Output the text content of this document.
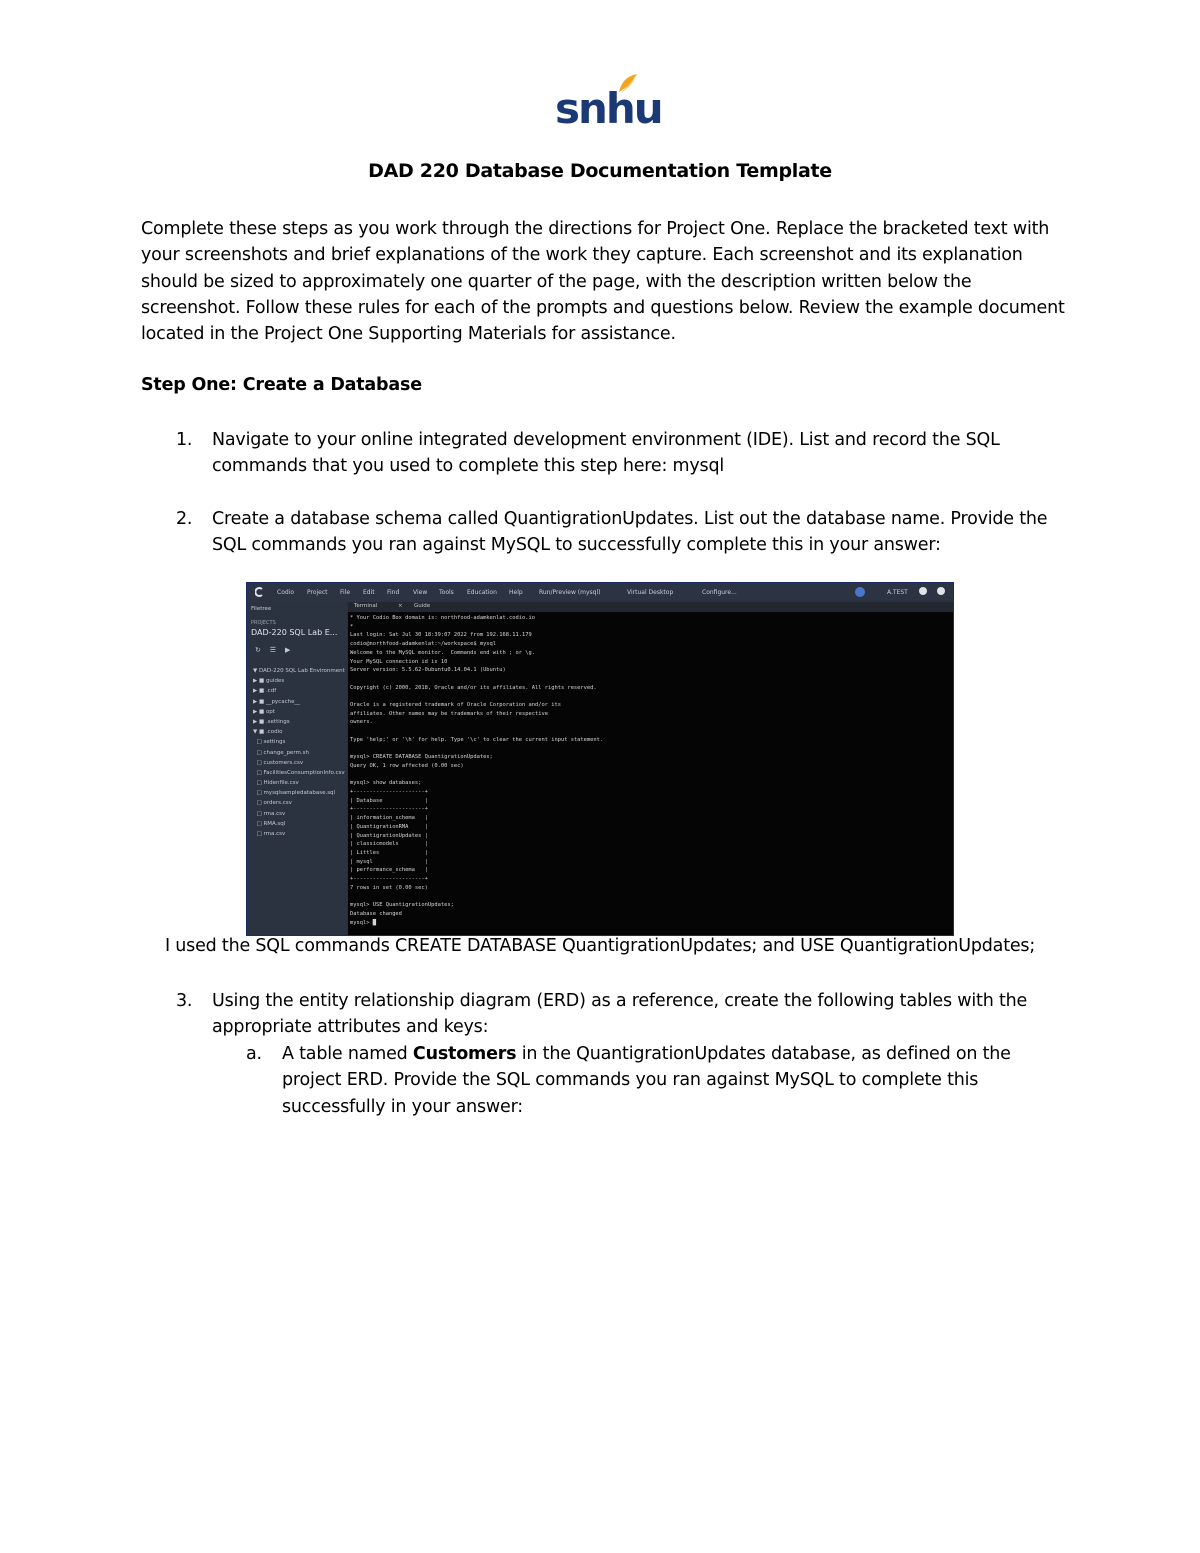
snhu
DAD 220 Database Documentation Template
Complete these steps as you work through the directions for Project One. Replace the bracketed text with your screenshots and brief explanations of the work they capture. Each screenshot and its explanation should be sized to approximately one quarter of the page, with the description written below the screenshot. Follow these rules for each of the prompts and questions below. Review the example document located in the Project One Supporting Materials for assistance.
Step One: Create a Database
1. Navigate to your online integrated development environment (IDE). List and record the SQL commands that you used to complete this step here: mysql
2. Create a database schema called QuantigrationUpdates. List out the database name. Provide the SQL commands you ran against MySQL to successfully complete this in your answer:
Codio Project File Edit Find View Tools Education Help	Run/Preview (mysql)	Virtual Desktop	Configure...	A.TEST
Filetree
PROJECTS
DAD-220 SQL Lab E...
↻ ☰ ▶
▼ DAD-220 SQL Lab Environment
▶ ■ guides
▶ ■ .cdf
▶ ■ __pycache__
▶ ■ opt
▶ ■ .settings
▼ ■ .codio
□ settings
□ change_perm.sh
□ customers.csv
□ FacilitiesConsumptionInfo.csv
□ Hidenfile.csv
□ mysqlsampledatabase.sql
□ orders.csv
□ rma.csv
□ RMA.sql
□ rma.csv
Terminal	× Guide
* Your Codio Box domain is: northfood-adamkenlat.codio.io
*
Last login: Sat Jul 30 18:39:07 2022 from 192.168.11.179
codio@northfood-adamkenlat:~/workspace$ mysql
Welcome to the MySQL monitor.  Commands end with ; or \g.
Your MySQL connection id is 10
Server version: 5.5.62-0ubuntu0.14.04.1 (Ubuntu)

Copyright (c) 2000, 2018, Oracle and/or its affiliates. All rights reserved.

Oracle is a registered trademark of Oracle Corporation and/or its
affiliates. Other names may be trademarks of their respective
owners.

Type 'help;' or '\h' for help. Type '\c' to clear the current input statement.

mysql> CREATE DATABASE QuantigrationUpdates;
Query OK, 1 row affected (0.00 sec)

mysql> show databases;
+----------------------+
| Database             |
+----------------------+
| information_schema   |
| QuantigrationRMA     |
| QuantigrationUpdates |
| classicmodels        |
| Littles              |
| mysql                |
| performance_schema   |
+----------------------+
7 rows in set (0.00 sec)

mysql> USE QuantigrationUpdates;
Database changed
mysql> █
I used the SQL commands CREATE DATABASE QuantigrationUpdates; and USE QuantigrationUpdates;
3. Using the entity relationship diagram (ERD) as a reference, create the following tables with the appropriate attributes and keys:
a. A table named Customers in the QuantigrationUpdates database, as defined on the project ERD. Provide the SQL commands you ran against MySQL to complete this successfully in your answer:
